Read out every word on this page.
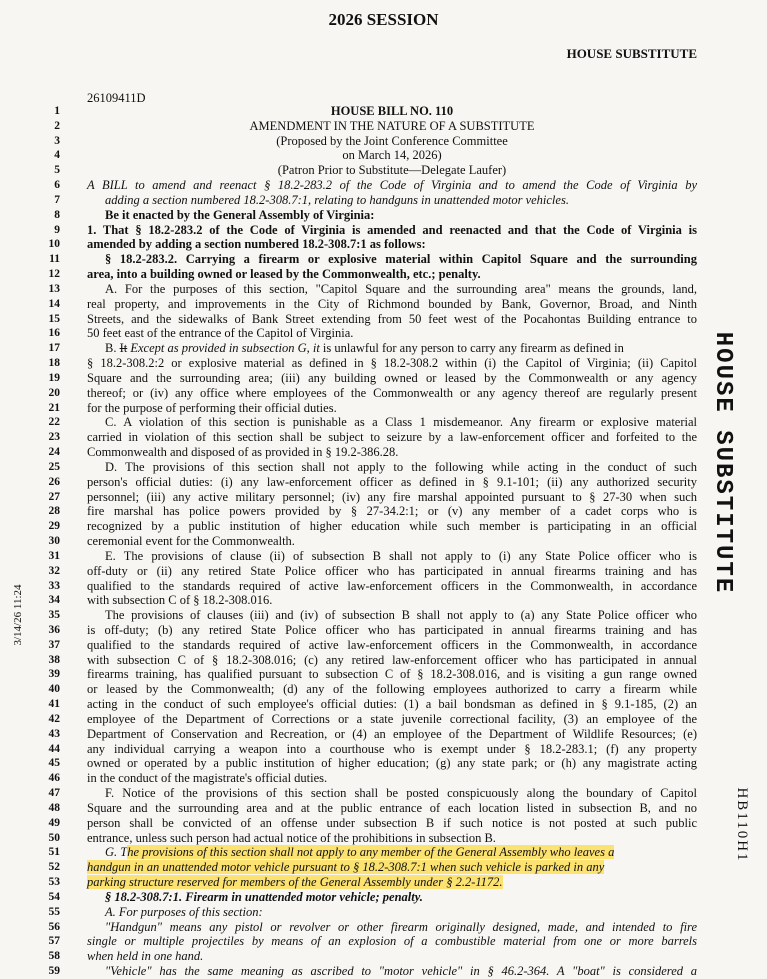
2026 SESSION
HOUSE SUBSTITUTE
26109411D
HOUSE SUBSTITUTE
HB110H1
3/14/26 11:24
1	HOUSE BILL NO. 110
2	AMENDMENT IN THE NATURE OF A SUBSTITUTE
3	(Proposed by the Joint Conference Committee
4	on March 14, 2026)
5	(Patron Prior to Substitute—Delegate Laufer)
6 A BILL to amend and reenact § 18.2-283.2 of the Code of Virginia and to amend the Code of Virginia by
7	adding a section numbered 18.2-308.7:1, relating to handguns in unattended motor vehicles.
8	Be it enacted by the General Assembly of Virginia:
9 1. That § 18.2-283.2 of the Code of Virginia is amended and reenacted and that the Code of Virginia is
10 amended by adding a section numbered 18.2-308.7:1 as follows:
11	§ 18.2-283.2. Carrying a firearm or explosive material within Capitol Square and the surrounding
12 area, into a building owned or leased by the Commonwealth, etc.; penalty.
13	A. For the purposes of this section, "Capitol Square and the surrounding area" means the grounds, land,
14 real property, and improvements in the City of Richmond bounded by Bank, Governor, Broad, and Ninth
15 Streets, and the sidewalks of Bank Street extending from 50 feet west of the Pocahontas Building entrance to
16 50 feet east of the entrance of the Capitol of Virginia.
17	B. It Except as provided in subsection G, it is unlawful for any person to carry any firearm as defined in
18 § 18.2-308.2:2 or explosive material as defined in § 18.2-308.2 within (i) the Capitol of Virginia; (ii) Capitol
19 Square and the surrounding area; (iii) any building owned or leased by the Commonwealth or any agency
20 thereof; or (iv) any office where employees of the Commonwealth or any agency thereof are regularly present
21 for the purpose of performing their official duties.
22	C. A violation of this section is punishable as a Class 1 misdemeanor. Any firearm or explosive material
23 carried in violation of this section shall be subject to seizure by a law-enforcement officer and forfeited to the
24 Commonwealth and disposed of as provided in § 19.2-386.28.
25	D. The provisions of this section shall not apply to the following while acting in the conduct of such
26 person's official duties: (i) any law-enforcement officer as defined in § 9.1-101; (ii) any authorized security
27 personnel; (iii) any active military personnel; (iv) any fire marshal appointed pursuant to § 27-30 when such
28 fire marshal has police powers provided by § 27-34.2:1; or (v) any member of a cadet corps who is
29 recognized by a public institution of higher education while such member is participating in an official
30 ceremonial event for the Commonwealth.
31	E. The provisions of clause (ii) of subsection B shall not apply to (i) any State Police officer who is
32 off-duty or (ii) any retired State Police officer who has participated in annual firearms training and has
33 qualified to the standards required of active law-enforcement officers in the Commonwealth, in accordance
34 with subsection C of § 18.2-308.016.
35	The provisions of clauses (iii) and (iv) of subsection B shall not apply to (a) any State Police officer who
36 is off-duty; (b) any retired State Police officer who has participated in annual firearms training and has
37 qualified to the standards required of active law-enforcement officers in the Commonwealth, in accordance
38 with subsection C of § 18.2-308.016; (c) any retired law-enforcement officer who has participated in annual
39 firearms training, has qualified pursuant to subsection C of § 18.2-308.016, and is visiting a gun range owned
40 or leased by the Commonwealth; (d) any of the following employees authorized to carry a firearm while
41 acting in the conduct of such employee's official duties: (1) a bail bondsman as defined in § 9.1-185, (2) an
42 employee of the Department of Corrections or a state juvenile correctional facility, (3) an employee of the
43 Department of Conservation and Recreation, or (4) an employee of the Department of Wildlife Resources; (e)
44 any individual carrying a weapon into a courthouse who is exempt under § 18.2-283.1; (f) any property
45 owned or operated by a public institution of higher education; (g) any state park; or (h) any magistrate acting
46 in the conduct of the magistrate's official duties.
47	F. Notice of the provisions of this section shall be posted conspicuously along the boundary of Capitol
48 Square and the surrounding area and at the public entrance of each location listed in subsection B, and no
49 person shall be convicted of an offense under subsection B if such notice is not posted at such public
50 entrance, unless such person had actual notice of the prohibitions in subsection B.
51	G. The provisions of this section shall not apply to any member of the General Assembly who leaves a
52 handgun in an unattended motor vehicle pursuant to § 18.2-308.7:1 when such vehicle is parked in any
53 parking structure reserved for members of the General Assembly under § 2.2-1172.
54	§ 18.2-308.7:1. Firearm in unattended motor vehicle; penalty.
55	A. For purposes of this section:
56	"Handgun" means any pistol or revolver or other firearm originally designed, made, and intended to fire
57 single or multiple projectiles by means of an explosion of a combustible material from one or more barrels
58 when held in one hand.
59	"Vehicle" has the same meaning as ascribed to "motor vehicle" in § 46.2-364. A "boat" is considered a
